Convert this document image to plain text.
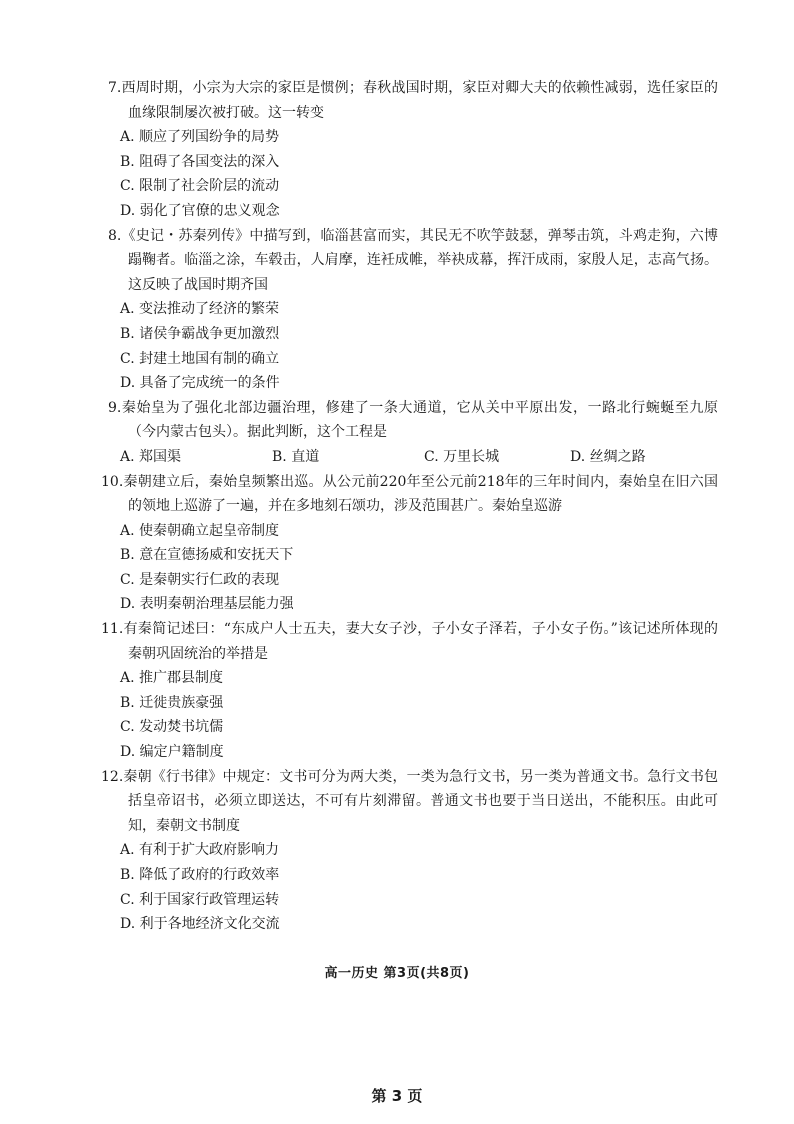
7.西周时期，小宗为大宗的家臣是惯例；春秋战国时期，家臣对卿大夫的依赖性减弱，选任家臣的血缘限制屡次被打破。这一转变

A. 顺应了列国纷争的局势

B. 阻碍了各国变法的深入

C. 限制了社会阶层的流动

D. 弱化了官僚的忠义观念

8.《史记・苏秦列传》中描写到，临淄甚富而实，其民无不吹竽鼓瑟，弹琴击筑，斗鸡走狗，六博蹋鞠者。临淄之涂，车毂击，人肩摩，连衽成帷，举袂成幕，挥汗成雨，家殷人足，志高气扬。这反映了战国时期齐国

A. 变法推动了经济的繁荣

B. 诸侯争霸战争更加激烈

C. 封建土地国有制的确立

D. 具备了完成统一的条件

9.秦始皇为了强化北部边疆治理，修建了一条大通道，它从关中平原出发，一路北行蜿蜒至九原（今内蒙古包头）。据此判断，这个工程是

A. 郑国渠	B. 直道	C. 万里长城	D. 丝绸之路

10.秦朝建立后，秦始皇频繁出巡。从公元前220年至公元前218年的三年时间内，秦始皇在旧六国的领地上巡游了一遍，并在多地刻石颂功，涉及范围甚广。秦始皇巡游

A. 使秦朝确立起皇帝制度

B. 意在宣德扬威和安抚天下

C. 是秦朝实行仁政的表现

D. 表明秦朝治理基层能力强

11.有秦简记述曰：“东成户人士五夫，妻大女子沙，子小女子泽若，子小女子伤。”该记述所体现的秦朝巩固统治的举措是

A. 推广郡县制度

B. 迁徙贵族豪强

C. 发动焚书坑儒

D. 编定户籍制度

12.秦朝《行书律》中规定：文书可分为两大类，一类为急行文书，另一类为普通文书。急行文书包括皇帝诏书，必须立即送达，不可有片刻滞留。普通文书也要于当日送出，不能积压。由此可知，秦朝文书制度

A. 有利于扩大政府影响力

B. 降低了政府的行政效率

C. 利于国家行政管理运转

D. 利于各地经济文化交流

高一历史 第3页(共8页)
第 3 页
